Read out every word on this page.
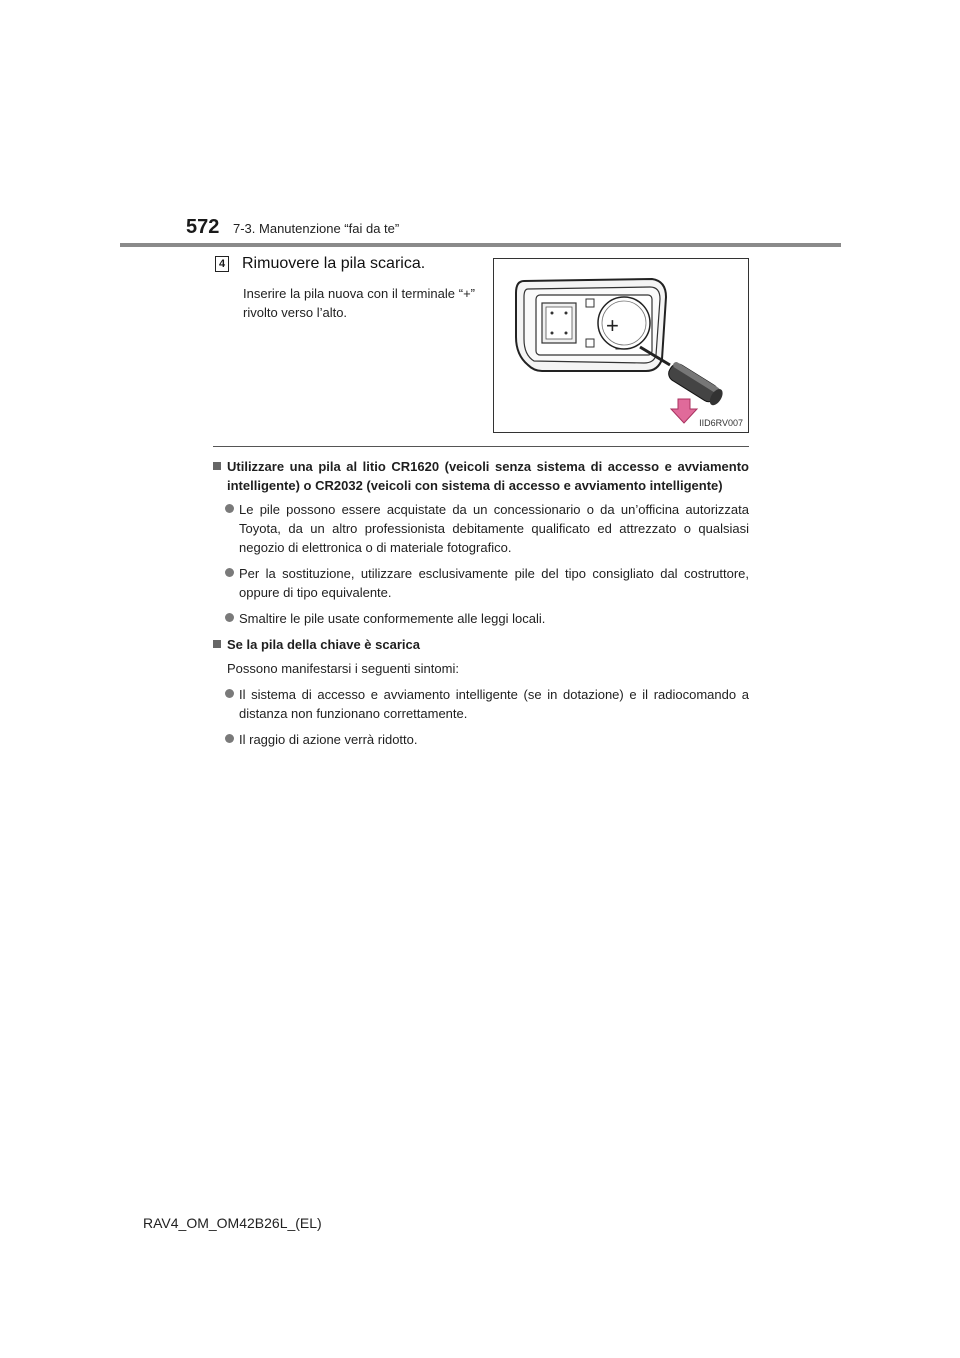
572 7-3. Manutenzione “fai da te”
4 Rimuovere la pila scarica.
Inserire la pila nuova con il terminale “+” rivolto verso l’alto.
+
IID6RV007
Utilizzare una pila al litio CR1620 (veicoli senza sistema di accesso e avviamento intelligente) o CR2032 (veicoli con sistema di accesso e avviamento intelligente)
Le pile possono essere acquistate da un concessionario o da un’officina autorizzata Toyota, da un altro professionista debitamente qualificato ed attrezzato o qualsiasi negozio di elettronica o di materiale fotografico.
Per la sostituzione, utilizzare esclusivamente pile del tipo consigliato dal costruttore, oppure di tipo equivalente.
Smaltire le pile usate conformemente alle leggi locali.
Se la pila della chiave è scarica
Possono manifestarsi i seguenti sintomi:
Il sistema di accesso e avviamento intelligente (se in dotazione) e il radiocomando a distanza non funzionano correttamente.
Il raggio di azione verrà ridotto.
RAV4_OM_OM42B26L_(EL)
